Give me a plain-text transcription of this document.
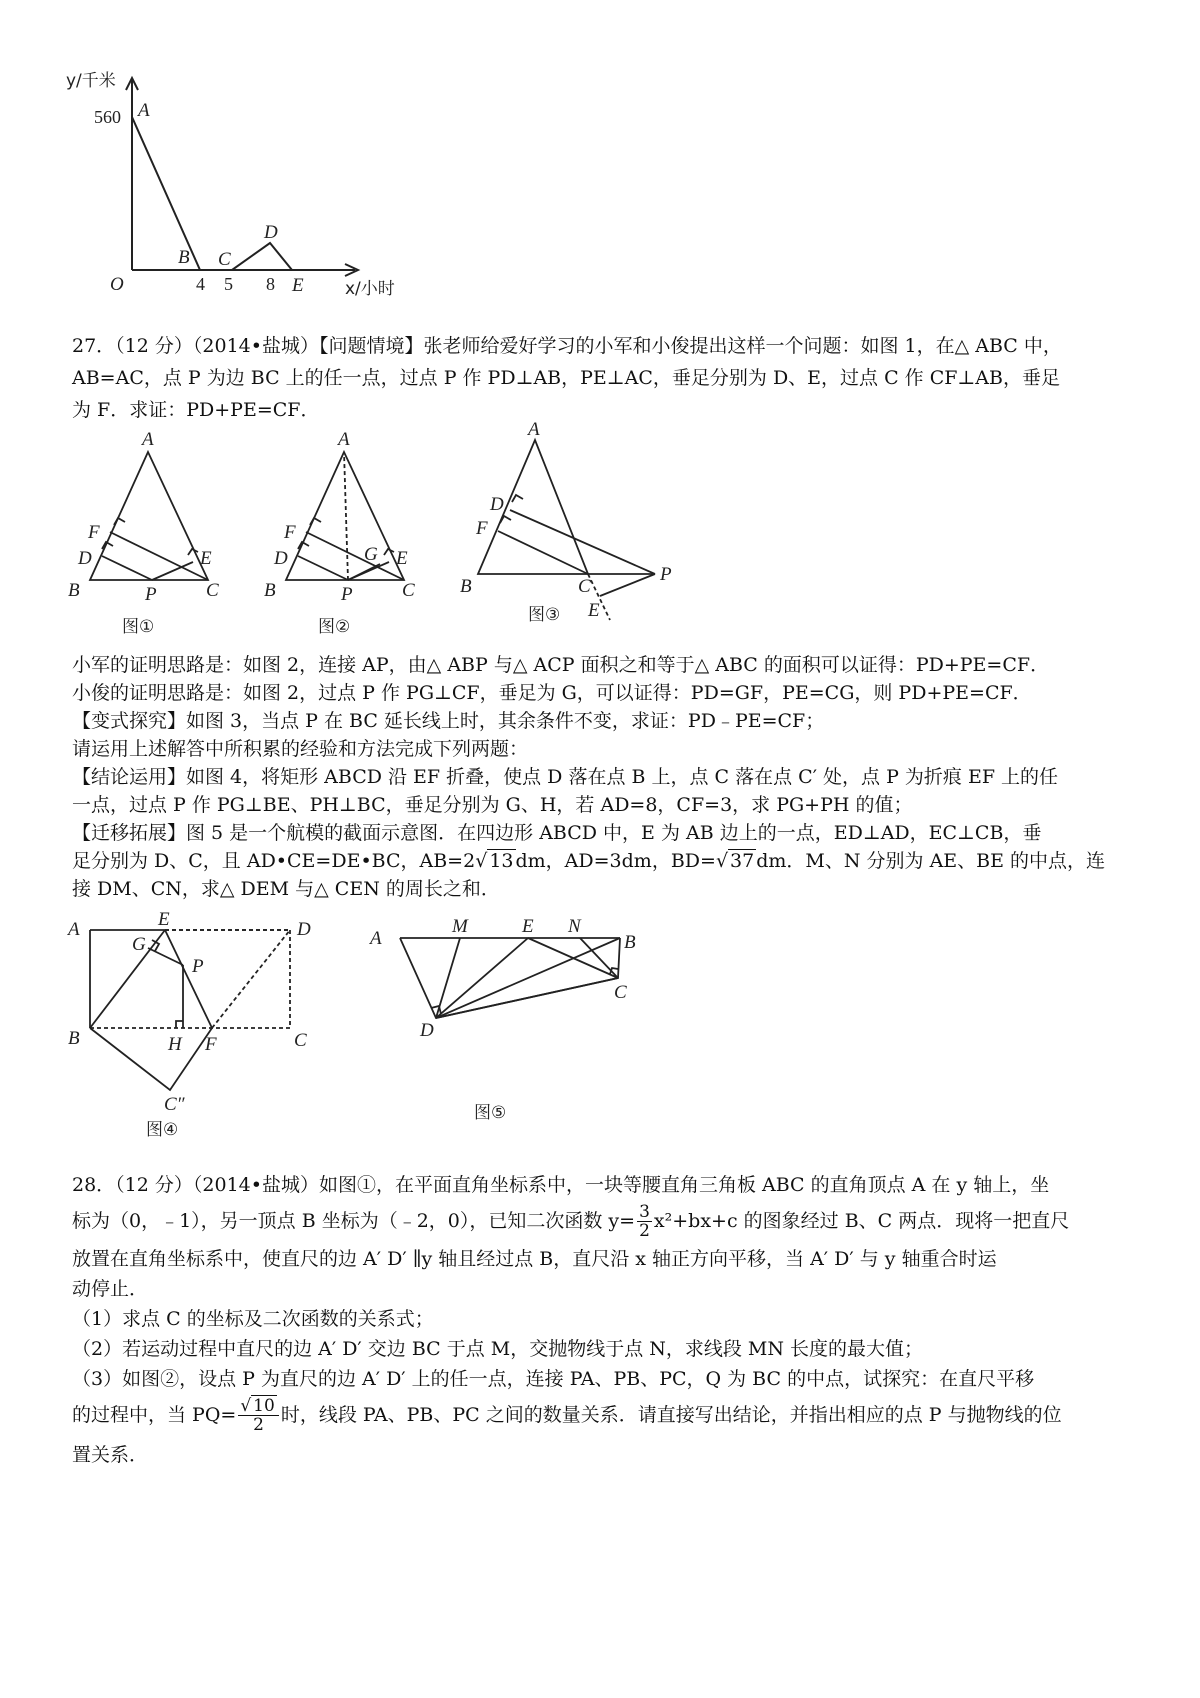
y/千米
560 A
B C
D
E
O	4 5 8	x/小时

27．（12 分）（2014•盐城）【问题情境】张老师给爱好学习的小军和小俊提出这样一个问题：如图 1，在△ ABC 中，

AB=AC，点 P 为边 BC 上的任一点，过点 P 作 PD⊥AB，PE⊥AC，垂足分别为 D、E，过点 C 作 CF⊥AB，垂足

为 F．求证：PD+PE=CF．

A
B	C
D	E
F
P
图①
A
B	C
D	E
F
G
P
图②
A
B	C
D
F
E
P
图③

小军的证明思路是：如图 2，连接 AP，由△ ABP 与△ ACP 面积之和等于△ ABC 的面积可以证得：PD+PE=CF．

小俊的证明思路是：如图 2，过点 P 作 PG⊥CF，垂足为 G，可以证得：PD=GF，PE=CG，则 PD+PE=CF．

【变式探究】如图 3，当点 P 在 BC 延长线上时，其余条件不变，求证：PD﹣PE=CF；

请运用上述解答中所积累的经验和方法完成下列两题：

【结论运用】如图 4，将矩形 ABCD 沿 EF 折叠，使点 D 落在点 B 上，点 C 落在点 C′ 处，点 P 为折痕 EF 上的任

一点，过点 P 作 PG⊥BE、PH⊥BC，垂足分别为 G、H，若 AD=8，CF=3，求 PG+PH 的值；

【迁移拓展】图 5 是一个航模的截面示意图．在四边形 ABCD 中，E 为 AB 边上的一点，ED⊥AD，EC⊥CB，垂

足分别为 D、C，且 AD•CE=DE•BC，AB=2√ 13 dm，AD=3dm，BD=√ 37 dm．M、N 分别为 AE、BE 的中点，连

接 DM、CN，求△ DEM 与△ CEN 的周长之和．

A	E	D
B	C
G
P
H F
C″
图④
A
M	E N
B
C
D
图⑤

28．（12 分）（2014•盐城）如图①，在平面直角坐标系中，一块等腰直角三角板 ABC 的直角顶点 A 在 y 轴上，坐

标为（0，﹣1），另一顶点 B 坐标为（﹣2，0），已知二次函数 $y= \frac{3}{2} x^2+bx+c$ 的图象经过 B、C 两点．现将一把直尺

放置在直角坐标系中，使直尺的边 A′ D′ ∥y 轴且经过点 B，直尺沿 x 轴正方向平移，当 A′ D′ 与 y 轴重合时运

动停止．

（1）求点 C 的坐标及二次函数的关系式；

（2）若运动过程中直尺的边 A′ D′ 交边 BC 于点 M，交抛物线于点 N，求线段 MN 长度的最大值；

（3）如图②，设点 P 为直尺的边 A′ D′ 上的任一点，连接 PA、PB、PC，Q 为 BC 的中点，试探究：在直尺平移

的过程中，当 $PQ= \frac{√ 10}{2}$ 时，线段 PA、PB、PC 之间的数量关系．请直接写出结论，并指出相应的点 P 与抛物线的位

置关系．
